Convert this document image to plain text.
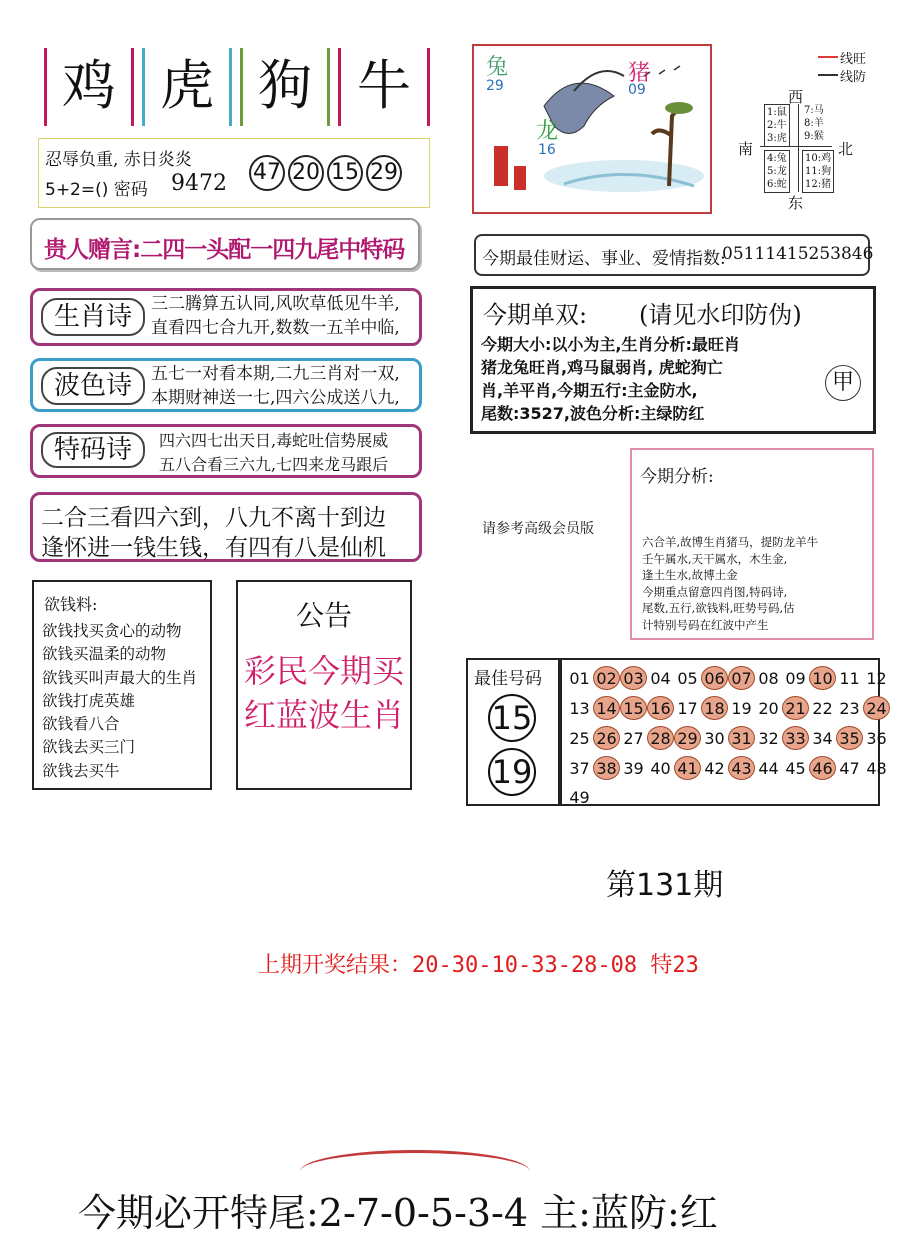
鸡 虎 狗 牛
忍辱负重, 赤日炎炎
5+2=() 密码 9472 47 20 15 29
贵人赠言:二四一头配一四九尾中特码
生肖诗	三二腾算五认同,风吹草低见牛羊,
直看四七合九开,数数一五羊中临,
波色诗	五七一对看本期,二九三肖对一双,
本期财神送一七,四六公成送八九,
特码诗	四六四七出天日,毒蛇吐信势展威
五八合看三六九,七四来龙马跟后
二合三看四六到，八九不离十到边
逢怀进一钱生钱，有四有八是仙机
欲钱料:
欲钱找买贪心的动物
欲钱买温柔的动物
欲钱买叫声最大的生肖
欲钱打虎英雄
欲钱看八合
欲钱去买三门
欲钱去买牛
公告
彩民今期买
红蓝波生肖
兔
29	猪
09
龙
16
线旺
线防
西
南	北
东
1:鼠
2:牛
3:虎
7:马
8:羊
9:猴
4:兔
5:龙
6:蛇
10:鸡
11:狗
12:猪
今期最佳财运、事业、爱情指数:
05111415253846
今期单双: (请见水印防伪)
今期大小:以小为主,生肖分析:最旺肖
猪龙兔旺肖,鸡马鼠弱肖, 虎蛇狗亡
肖,羊平肖,今期五行:主金防水,
尾数:3527,波色分析:主绿防红
甲
今期分析:
六合羊,故博生肖猪马，提防龙羊牛
壬午属水,天干属水，木生金,
逢土生水,故博土金
今期重点留意四肖图,特码诗,
尾数,五行,欲钱料,旺势号码,估
计特别号码在红波中产生
请参考高级会员版
最佳号码
15
19
01 02 03 04 05 06 07 08 09 10 11 12
13 14 15 16 17 18 19 20 21 22 23 24
25 26 27 28 29 30 31 32 33 34 35 36
37 38 39 40 41 42 43 44 45 46 47 48
49
第131期
上期开奖结果：20-30-10-33-28-08 特23
今期必开特尾:2-7-0-5-3-4 主:蓝防:红
